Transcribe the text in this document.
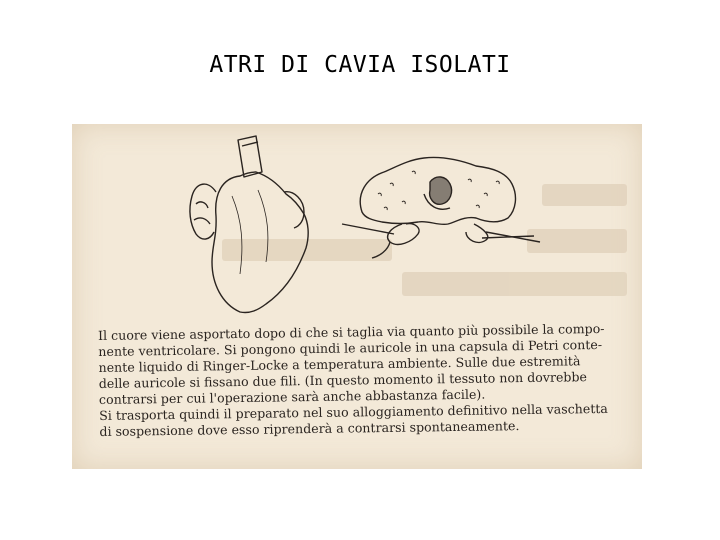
ATRI DI CAVIA ISOLATI
Il cuore viene asportato dopo di che si taglia via quanto più possibile la compo-
nente ventricolare. Si pongono quindi le auricole in una capsula di Petri conte-
nente liquido di Ringer-Locke a temperatura ambiente. Sulle due estremità
delle auricole si fissano due fili. (In questo momento il tessuto non dovrebbe
contrarsi per cui l'operazione sarà anche abbastanza facile).
Si trasporta quindi il preparato nel suo alloggiamento definitivo nella vaschetta
di sospensione dove esso riprenderà a contrarsi spontaneamente.
